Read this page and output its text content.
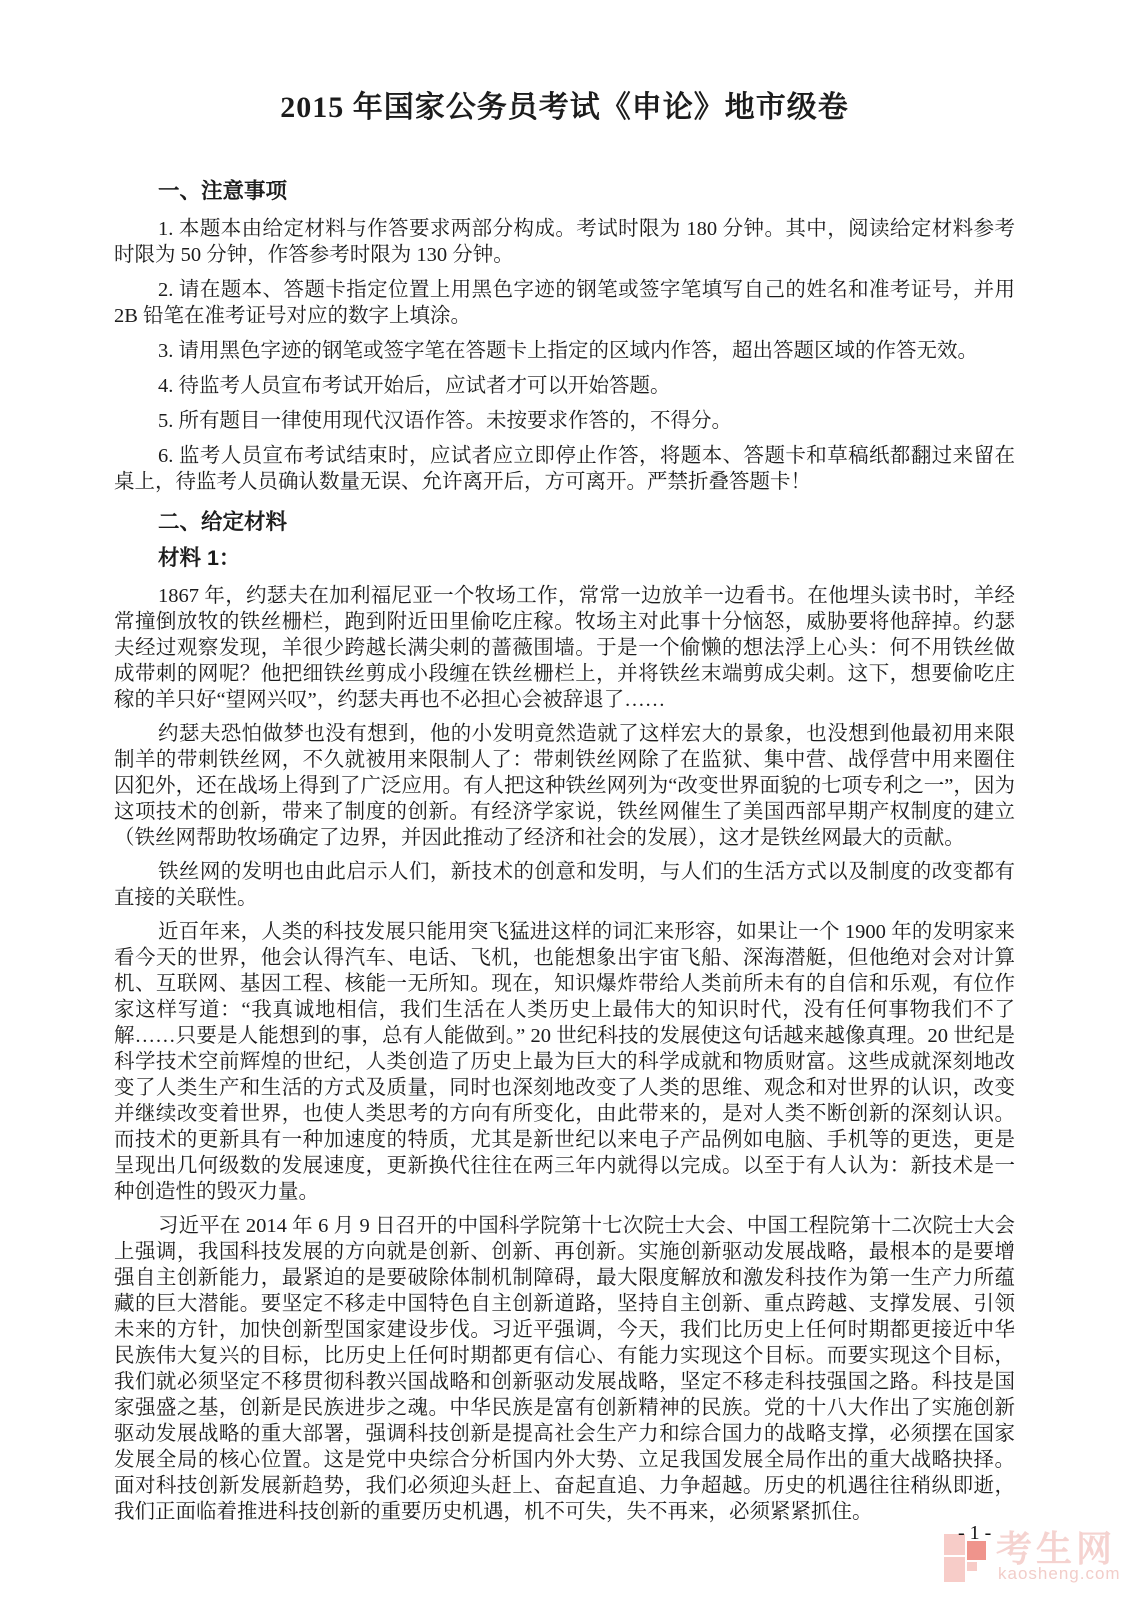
2015 年国家公务员考试《申论》地市级卷
一、注意事项

1. 本题本由给定材料与作答要求两部分构成。考试时限为 180 分钟。其中，阅读给定材料参考时限为 50 分钟，作答参考时限为 130 分钟。

2. 请在题本、答题卡指定位置上用黑色字迹的钢笔或签字笔填写自己的姓名和准考证号，并用 2B 铅笔在准考证号对应的数字上填涂。

3. 请用黑色字迹的钢笔或签字笔在答题卡上指定的区域内作答，超出答题区域的作答无效。

4. 待监考人员宣布考试开始后，应试者才可以开始答题。

5. 所有题目一律使用现代汉语作答。未按要求作答的，不得分。

6. 监考人员宣布考试结束时，应试者应立即停止作答，将题本、答题卡和草稿纸都翻过来留在桌上，待监考人员确认数量无误、允许离开后，方可离开。严禁折叠答题卡！

二、给定材料
材料 1：

1867 年，约瑟夫在加利福尼亚一个牧场工作，常常一边放羊一边看书。在他埋头读书时，羊经常撞倒放牧的铁丝栅栏，跑到附近田里偷吃庄稼。牧场主对此事十分恼怒，威胁要将他辞掉。约瑟夫经过观察发现，羊很少跨越长满尖刺的蔷薇围墙。于是一个偷懒的想法浮上心头：何不用铁丝做成带刺的网呢？他把细铁丝剪成小段缠在铁丝栅栏上，并将铁丝末端剪成尖刺。这下，想要偷吃庄稼的羊只好“望网兴叹”，约瑟夫再也不必担心会被辞退了……

约瑟夫恐怕做梦也没有想到，他的小发明竟然造就了这样宏大的景象，也没想到他最初用来限制羊的带刺铁丝网，不久就被用来限制人了：带刺铁丝网除了在监狱、集中营、战俘营中用来圈住囚犯外，还在战场上得到了广泛应用。有人把这种铁丝网列为“改变世界面貌的七项专利之一”，因为这项技术的创新，带来了制度的创新。有经济学家说，铁丝网催生了美国西部早期产权制度的建立（铁丝网帮助牧场确定了边界，并因此推动了经济和社会的发展），这才是铁丝网最大的贡献。

铁丝网的发明也由此启示人们，新技术的创意和发明，与人们的生活方式以及制度的改变都有直接的关联性。

近百年来，人类的科技发展只能用突飞猛进这样的词汇来形容，如果让一个 1900 年的发明家来看今天的世界，他会认得汽车、电话、飞机，也能想象出宇宙飞船、深海潜艇，但他绝对会对计算机、互联网、基因工程、核能一无所知。现在，知识爆炸带给人类前所未有的自信和乐观，有位作家这样写道：“我真诚地相信，我们生活在人类历史上最伟大的知识时代，没有任何事物我们不了解……只要是人能想到的事，总有人能做到。” 20 世纪科技的发展使这句话越来越像真理。20 世纪是科学技术空前辉煌的世纪，人类创造了历史上最为巨大的科学成就和物质财富。这些成就深刻地改变了人类生产和生活的方式及质量，同时也深刻地改变了人类的思维、观念和对世界的认识，改变并继续改变着世界，也使人类思考的方向有所变化，由此带来的，是对人类不断创新的深刻认识。而技术的更新具有一种加速度的特质，尤其是新世纪以来电子产品例如电脑、手机等的更迭，更是呈现出几何级数的发展速度，更新换代往往在两三年内就得以完成。以至于有人认为：新技术是一种创造性的毁灭力量。

习近平在 2014 年 6 月 9 日召开的中国科学院第十七次院士大会、中国工程院第十二次院士大会上强调，我国科技发展的方向就是创新、创新、再创新。实施创新驱动发展战略，最根本的是要增强自主创新能力，最紧迫的是要破除体制机制障碍，最大限度解放和激发科技作为第一生产力所蕴藏的巨大潜能。要坚定不移走中国特色自主创新道路，坚持自主创新、重点跨越、支撑发展、引领未来的方针，加快创新型国家建设步伐。习近平强调，今天，我们比历史上任何时期都更接近中华民族伟大复兴的目标，比历史上任何时期都更有信心、有能力实现这个目标。而要实现这个目标，我们就必须坚定不移贯彻科教兴国战略和创新驱动发展战略，坚定不移走科技强国之路。科技是国家强盛之基，创新是民族进步之魂。中华民族是富有创新精神的民族。党的十八大作出了实施创新驱动发展战略的重大部署，强调科技创新是提高社会生产力和综合国力的战略支撑，必须摆在国家发展全局的核心位置。这是党中央综合分析国内外大势、立足我国发展全局作出的重大战略抉择。面对科技创新发展新趋势，我们必须迎头赶上、奋起直追、力争超越。历史的机遇往往稍纵即逝，我们正面临着推进科技创新的重要历史机遇，机不可失，失不再来，必须紧紧抓住。

- 1 - 考生网
kaosheng.com
